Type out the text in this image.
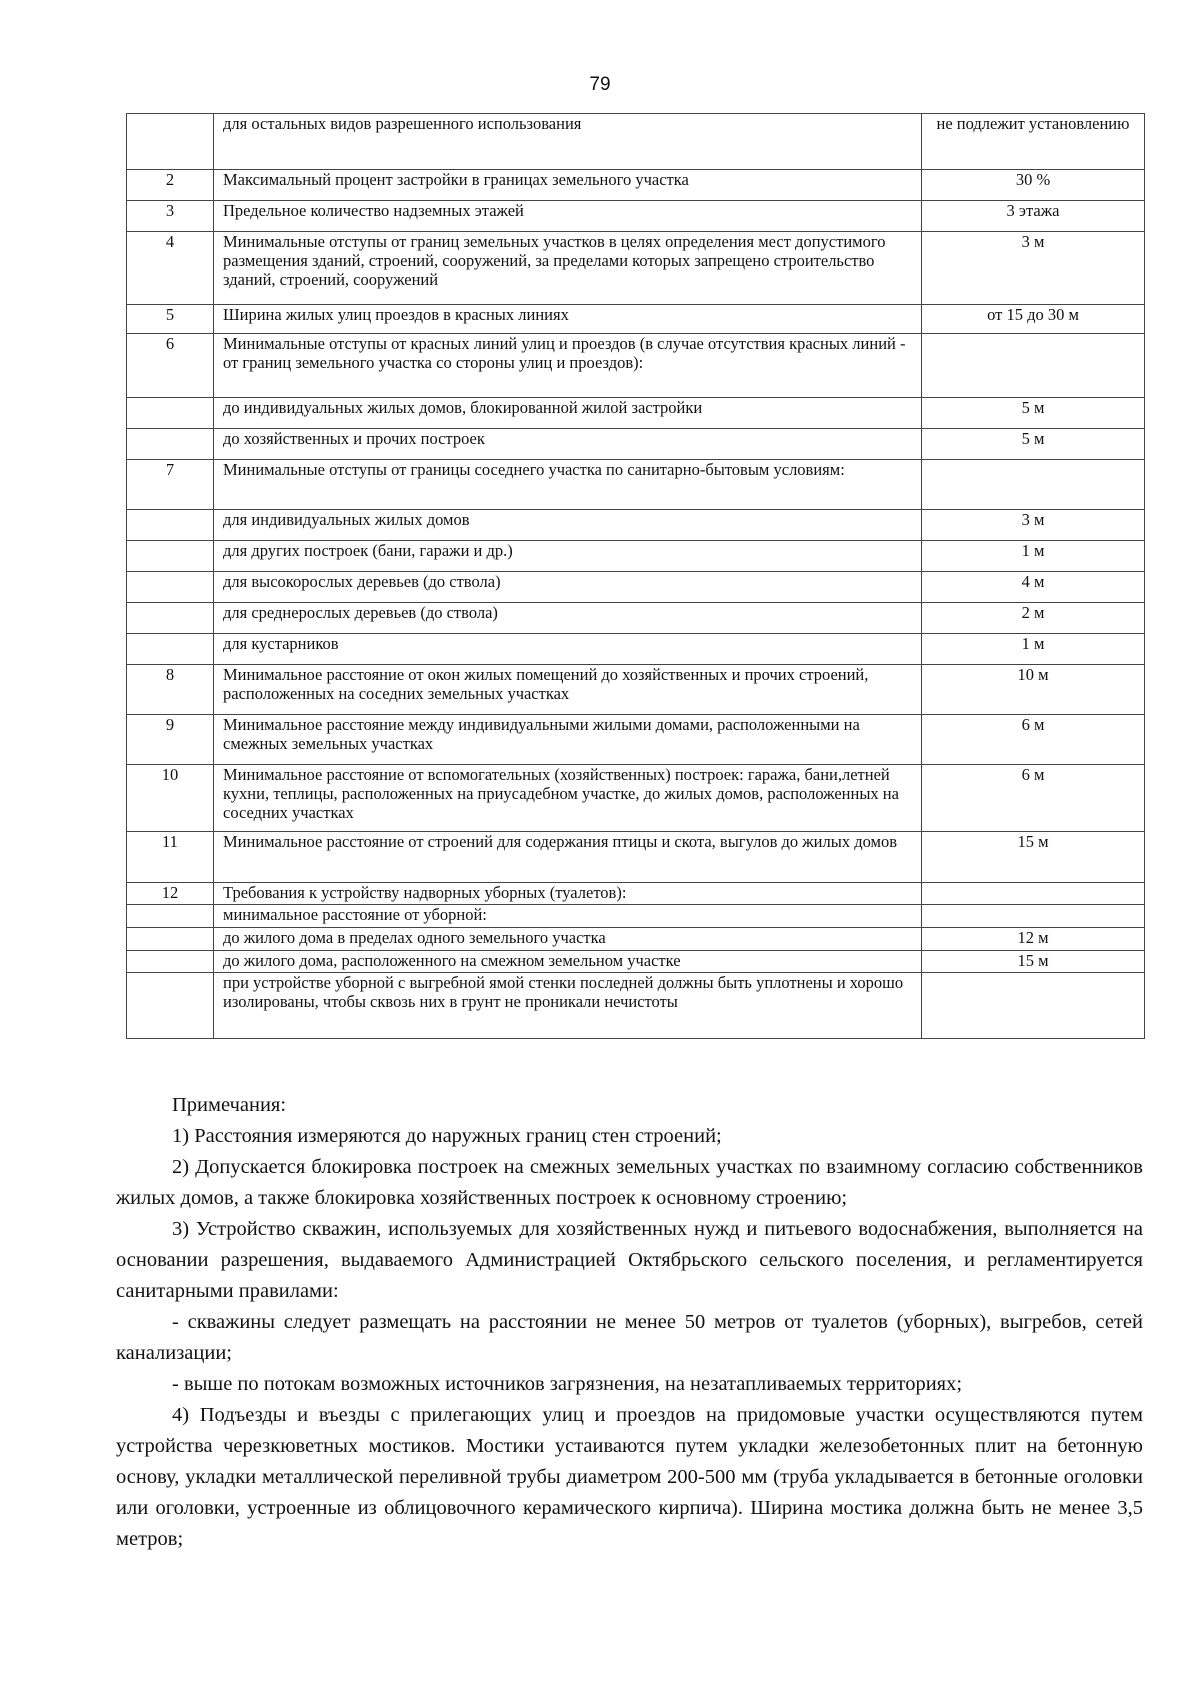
79
	для остальных видов разрешенного использования	не подлежит установлению
2	Максимальный процент застройки в границах земельного участка	30 %
3	Предельное количество надземных этажей	3 этажа
4	Минимальные отступы от границ земельных участков в целях определения мест допустимого размещения зданий, строений, сооружений, за пределами которых запрещено строительство зданий, строений, сооружений	3 м
5	Ширина жилых улиц проездов в красных линиях	от 15 до 30 м
6	Минимальные отступы от красных линий улиц и проездов (в случае отсутствия красных линий - от границ земельного участка со стороны улиц и проездов):	
	до индивидуальных жилых домов, блокированной жилой застройки	5 м
	до хозяйственных и прочих построек	5 м
7	Минимальные отступы от границы соседнего участка по санитарно-бытовым условиям:	
	для индивидуальных жилых домов	3 м
	для других построек (бани, гаражи и др.)	1 м
	для высокорослых деревьев (до ствола)	4 м
	для среднерослых деревьев (до ствола)	2 м
	для кустарников	1 м
8	Минимальное расстояние от окон жилых помещений до хозяйственных и прочих строений, расположенных на соседних земельных участках	10 м
9	Минимальное расстояние между индивидуальными жилыми домами, расположенными на смежных земельных участках	6 м
10	Минимальное расстояние от вспомогательных (хозяйственных) построек: гаража, бани,летней кухни, теплицы, расположенных на приусадебном участке, до жилых домов, расположенных на соседних участках	6 м
11	Минимальное расстояние от строений для содержания птицы и скота, выгулов до жилых домов	15 м
12	Требования к устройству надворных уборных (туалетов):	
	минимальное расстояние от уборной:	
	до жилого дома в пределах одного земельного участка	12 м
	до жилого дома, расположенного на смежном земельном участке	15 м
	при устройстве уборной с выгребной ямой стенки последней должны быть уплотнены и хорошо изолированы, чтобы сквозь них в грунт не проникали нечистоты	

Примечания:

1) Расстояния измеряются до наружных границ стен строений;

2) Допускается блокировка построек на смежных земельных участках по взаимному согласию собственников жилых домов, а также блокировка хозяйственных построек к основному строению;

3) Устройство скважин, используемых для хозяйственных нужд и питьевого водоснабжения, выполняется на основании разрешения, выдаваемого Администрацией Октябрьского сельского поселения, и регламентируется санитарными правилами:

- скважины следует размещать на расстоянии не менее 50 метров от туалетов (уборных), выгребов, сетей канализации;

- выше по потокам возможных источников загрязнения, на незатапливаемых территориях;

4) Подъезды и въезды с прилегающих улиц и проездов на придомовые участки осуществляются путем устройства черезкюветных мостиков. Мостики устаиваются путем укладки железобетонных плит на бетонную основу, укладки металлической переливной трубы диаметром 200-500 мм (труба укладывается в бетонные оголовки или оголовки, устроенные из облицовочного керамического кирпича). Ширина мостика должна быть не менее 3,5 метров;
